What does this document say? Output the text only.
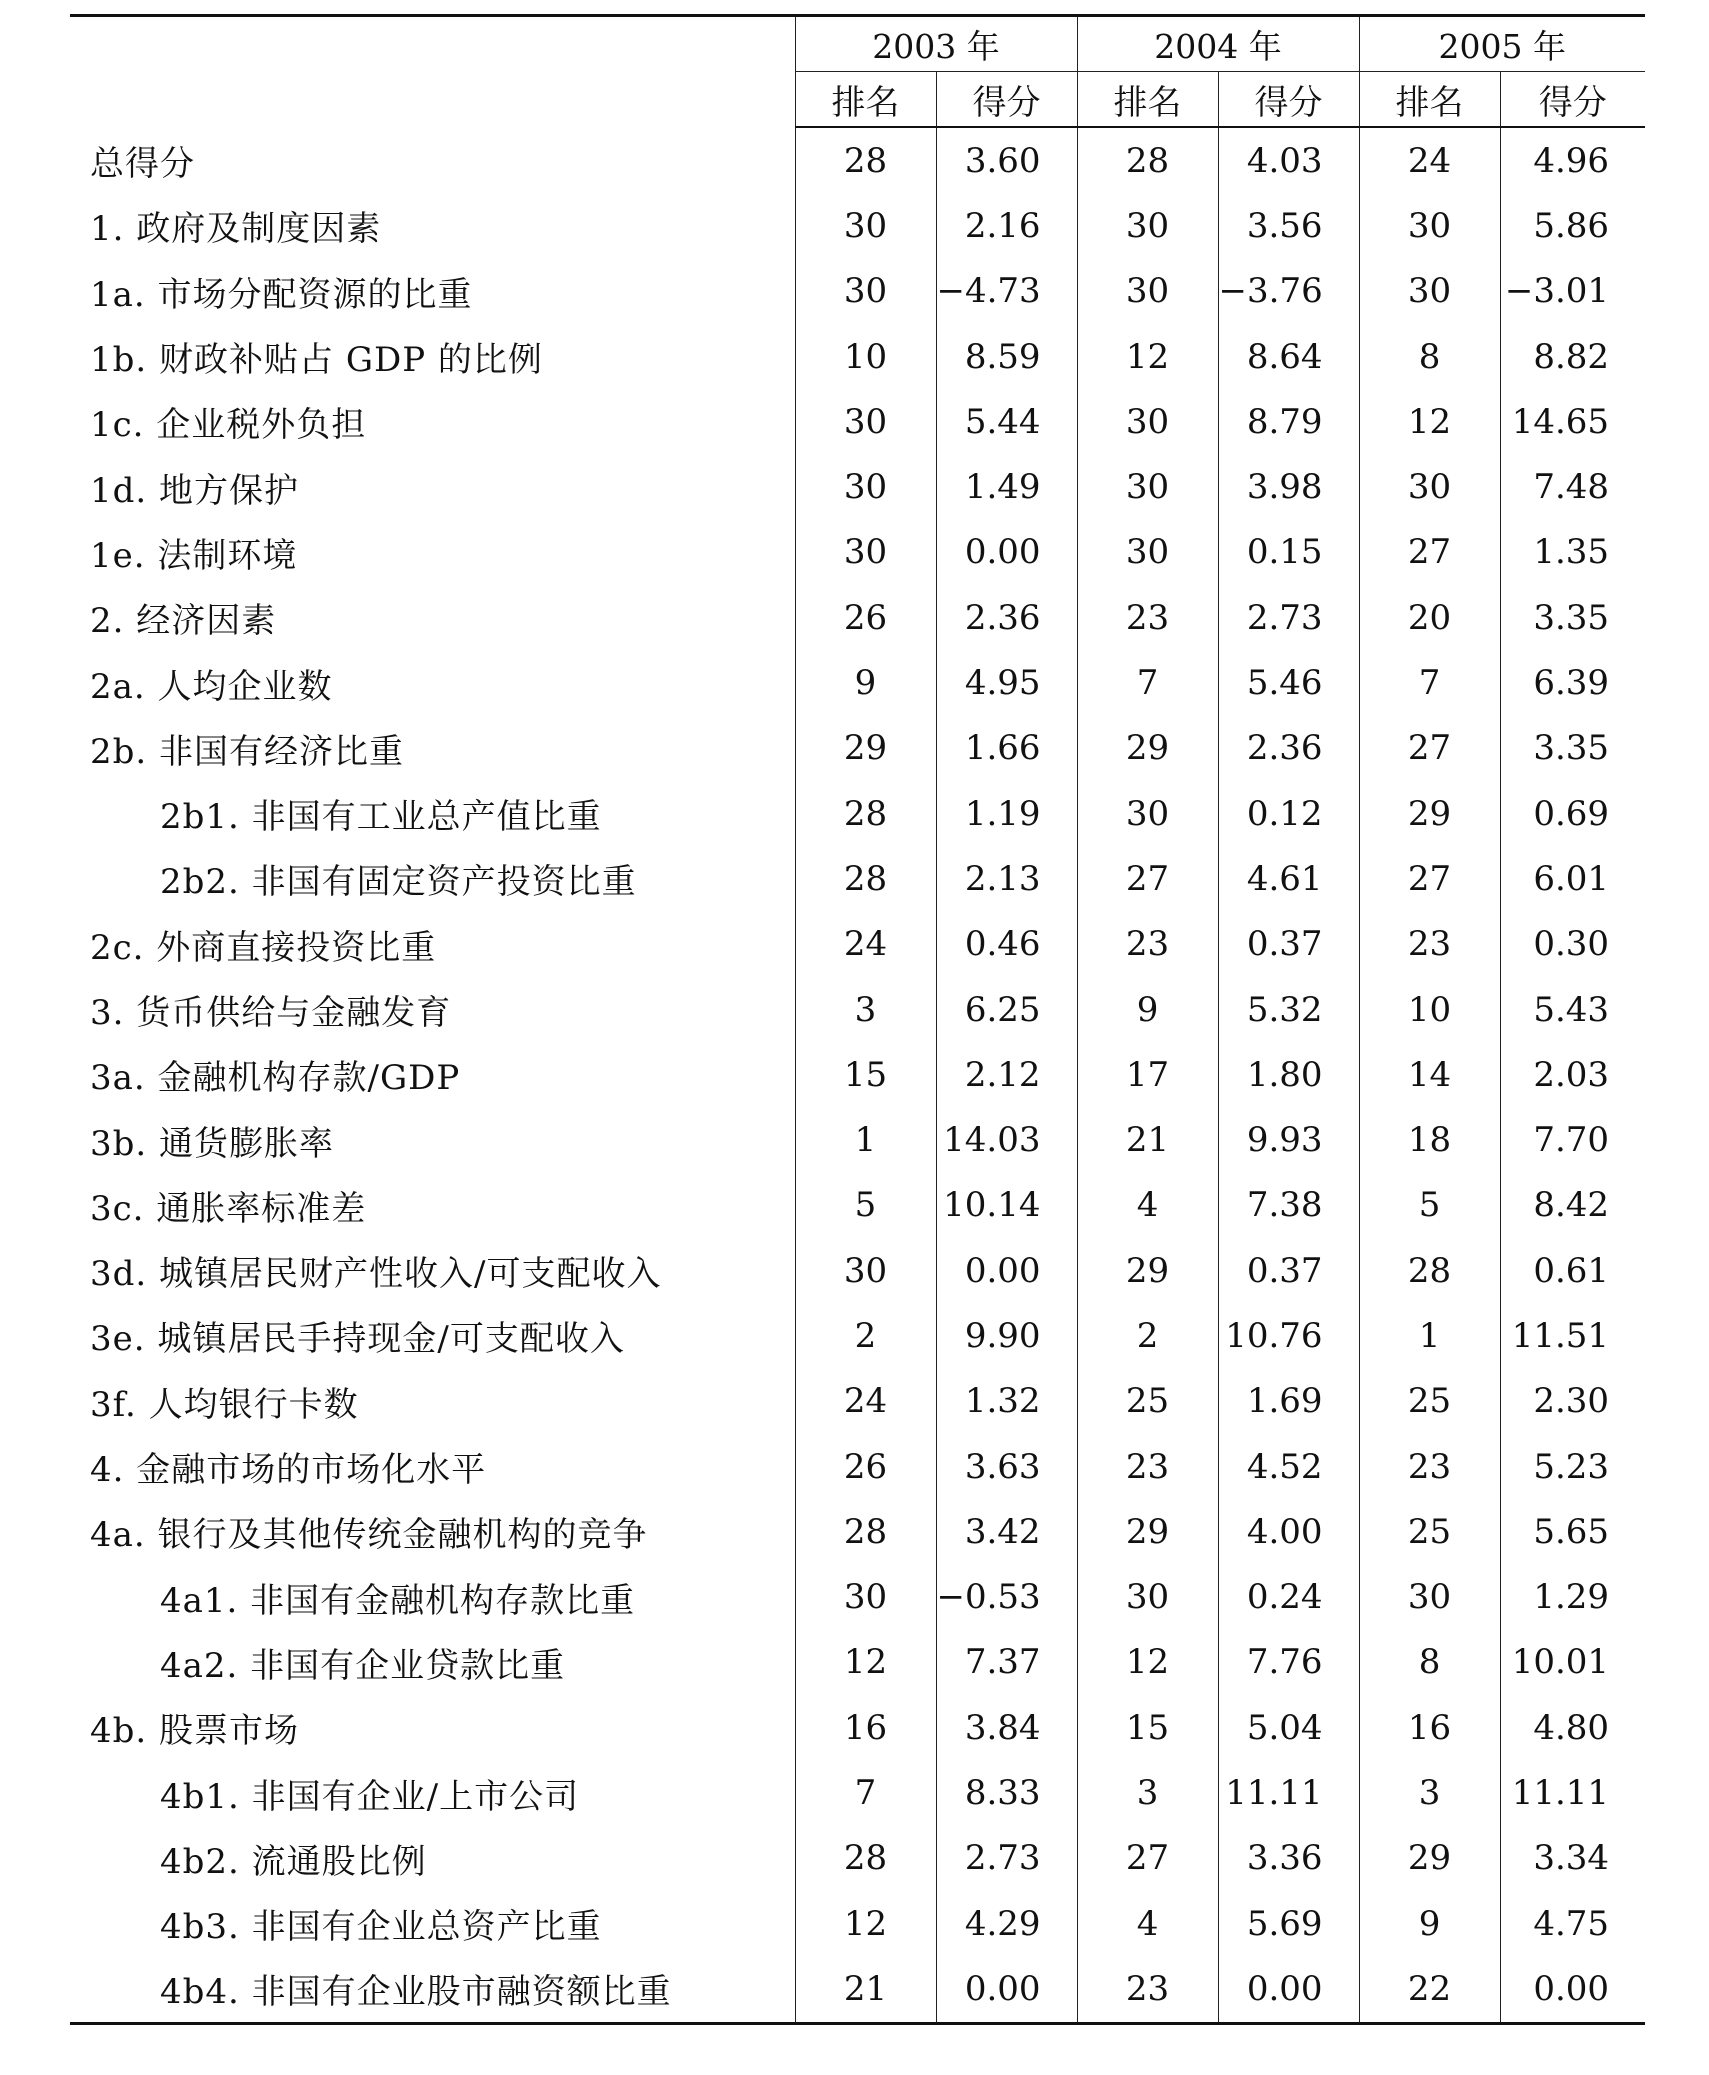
	2003 年		2004 年		2005 年	
	排名	得分	排名	得分	排名	得分
总得分	28	3.60	28	4.03	24	4.96
1. 政府及制度因素	30	2.16	30	3.56	30	5.86
1a. 市场分配资源的比重	30	−4.73	30	−3.76	30	−3.01
1b. 财政补贴占 GDP 的比例	10	8.59	12	8.64	8	8.82
1c. 企业税外负担	30	5.44	30	8.79	12	14.65
1d. 地方保护	30	1.49	30	3.98	30	7.48
1e. 法制环境	30	0.00	30	0.15	27	1.35
2. 经济因素	26	2.36	23	2.73	20	3.35
2a. 人均企业数	9	4.95	7	5.46	7	6.39
2b. 非国有经济比重	29	1.66	29	2.36	27	3.35
2b1. 非国有工业总产值比重	28	1.19	30	0.12	29	0.69
2b2. 非国有固定资产投资比重	28	2.13	27	4.61	27	6.01
2c. 外商直接投资比重	24	0.46	23	0.37	23	0.30
3. 货币供给与金融发育	3	6.25	9	5.32	10	5.43
3a. 金融机构存款/GDP	15	2.12	17	1.80	14	2.03
3b. 通货膨胀率	1	14.03	21	9.93	18	7.70
3c. 通胀率标准差	5	10.14	4	7.38	5	8.42
3d. 城镇居民财产性收入/可支配收入	30	0.00	29	0.37	28	0.61
3e. 城镇居民手持现金/可支配收入	2	9.90	2	10.76	1	11.51
3f. 人均银行卡数	24	1.32	25	1.69	25	2.30
4. 金融市场的市场化水平	26	3.63	23	4.52	23	5.23
4a. 银行及其他传统金融机构的竞争	28	3.42	29	4.00	25	5.65
4a1. 非国有金融机构存款比重	30	−0.53	30	0.24	30	1.29
4a2. 非国有企业贷款比重	12	7.37	12	7.76	8	10.01
4b. 股票市场	16	3.84	15	5.04	16	4.80
4b1. 非国有企业/上市公司	7	8.33	3	11.11	3	11.11
4b2. 流通股比例	28	2.73	27	3.36	29	3.34
4b3. 非国有企业总资产比重	12	4.29	4	5.69	9	4.75
4b4. 非国有企业股市融资额比重	21	0.00	23	0.00	22	0.00
